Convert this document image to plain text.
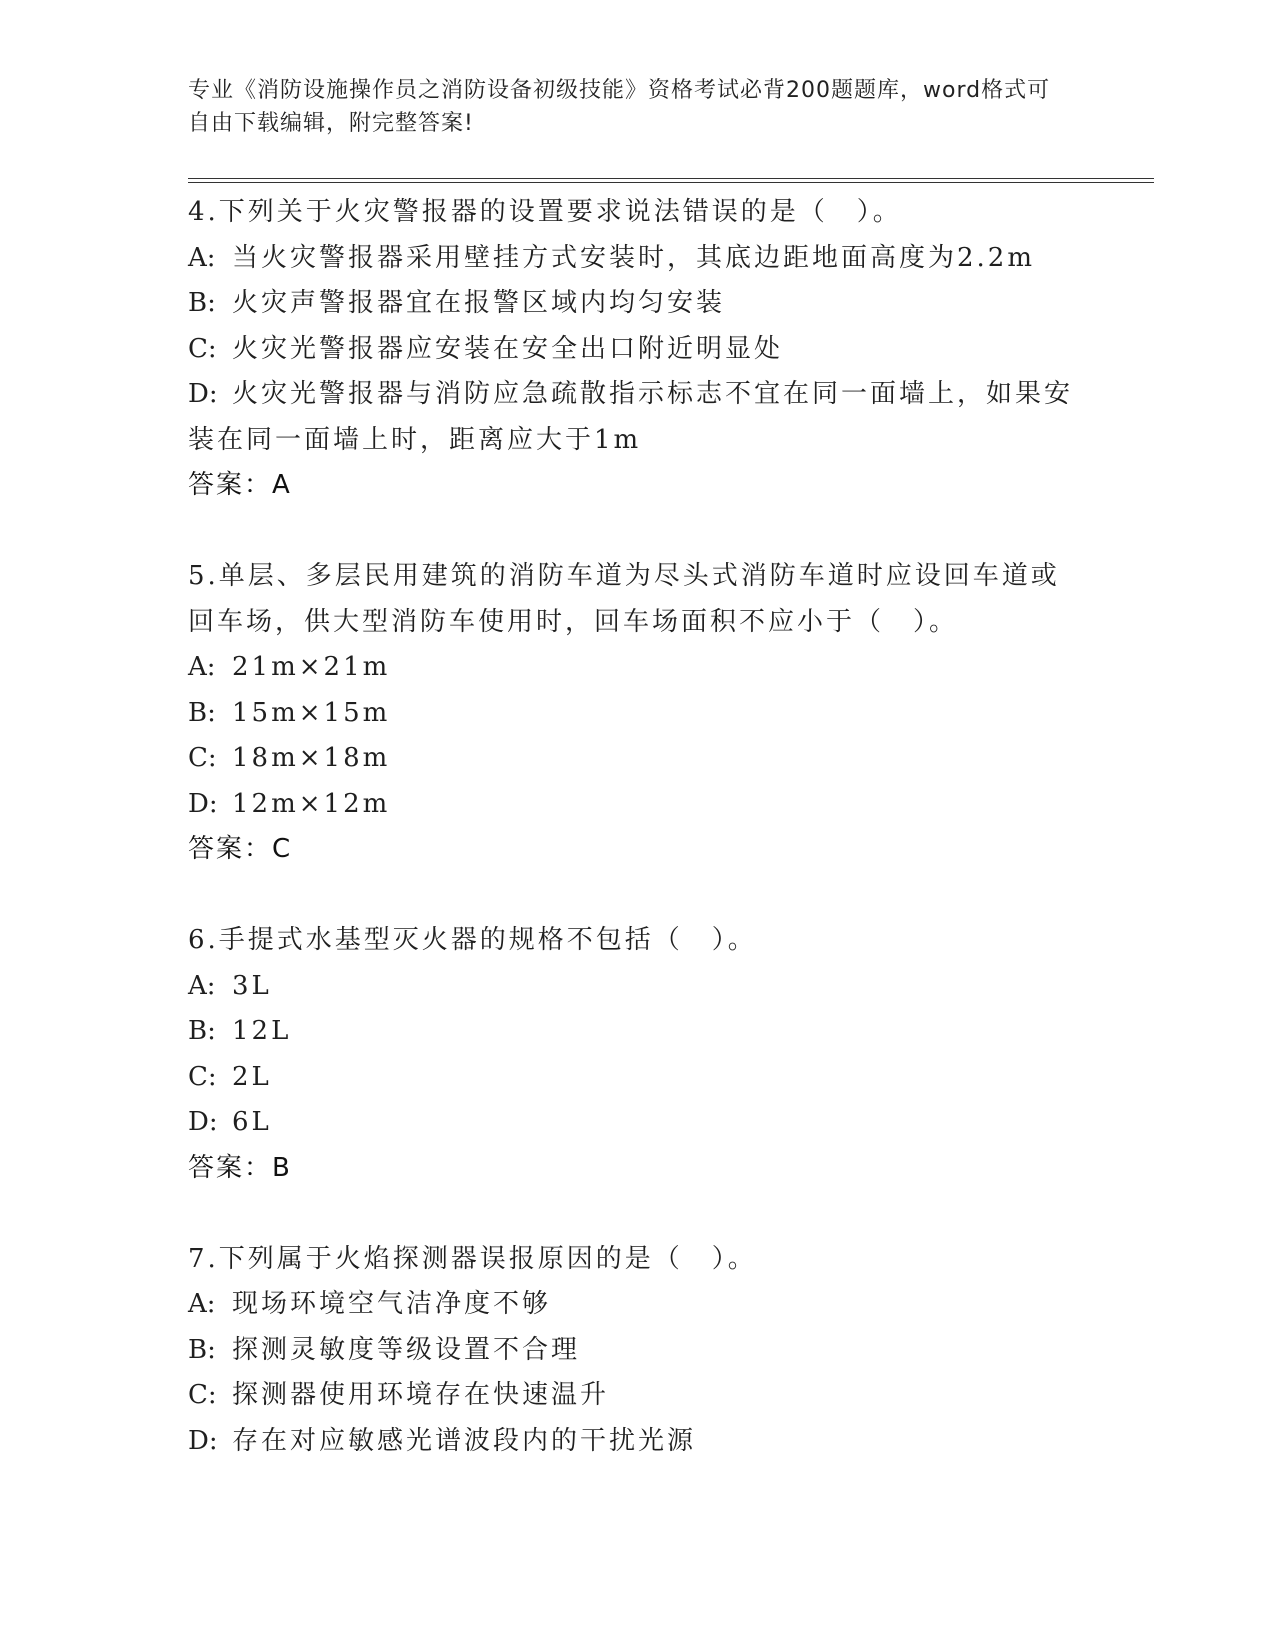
专业《消防设施操作员之消防设备初级技能》资格考试必背200题题库，word格式可自由下载编辑，附完整答案!
4.下列关于火灾警报器的设置要求说法错误的是（　）。
A: 当火灾警报器采用壁挂方式安装时，其底边距地面高度为2.2m
B: 火灾声警报器宜在报警区域内均匀安装
C: 火灾光警报器应安装在安全出口附近明显处
D: 火灾光警报器与消防应急疏散指示标志不宜在同一面墙上，如果安装在同一面墙上时，距离应大于1m
答案：A
5.单层、多层民用建筑的消防车道为尽头式消防车道时应设回车道或回车场，供大型消防车使用时，回车场面积不应小于（　）。
A: 21m×21m
B: 15m×15m
C: 18m×18m
D: 12m×12m
答案：C
6.手提式水基型灭火器的规格不包括（　）。
A: 3L
B: 12L
C: 2L
D: 6L
答案：B
7.下列属于火焰探测器误报原因的是（　）。
A: 现场环境空气洁净度不够
B: 探测灵敏度等级设置不合理
C: 探测器使用环境存在快速温升
D: 存在对应敏感光谱波段内的干扰光源
